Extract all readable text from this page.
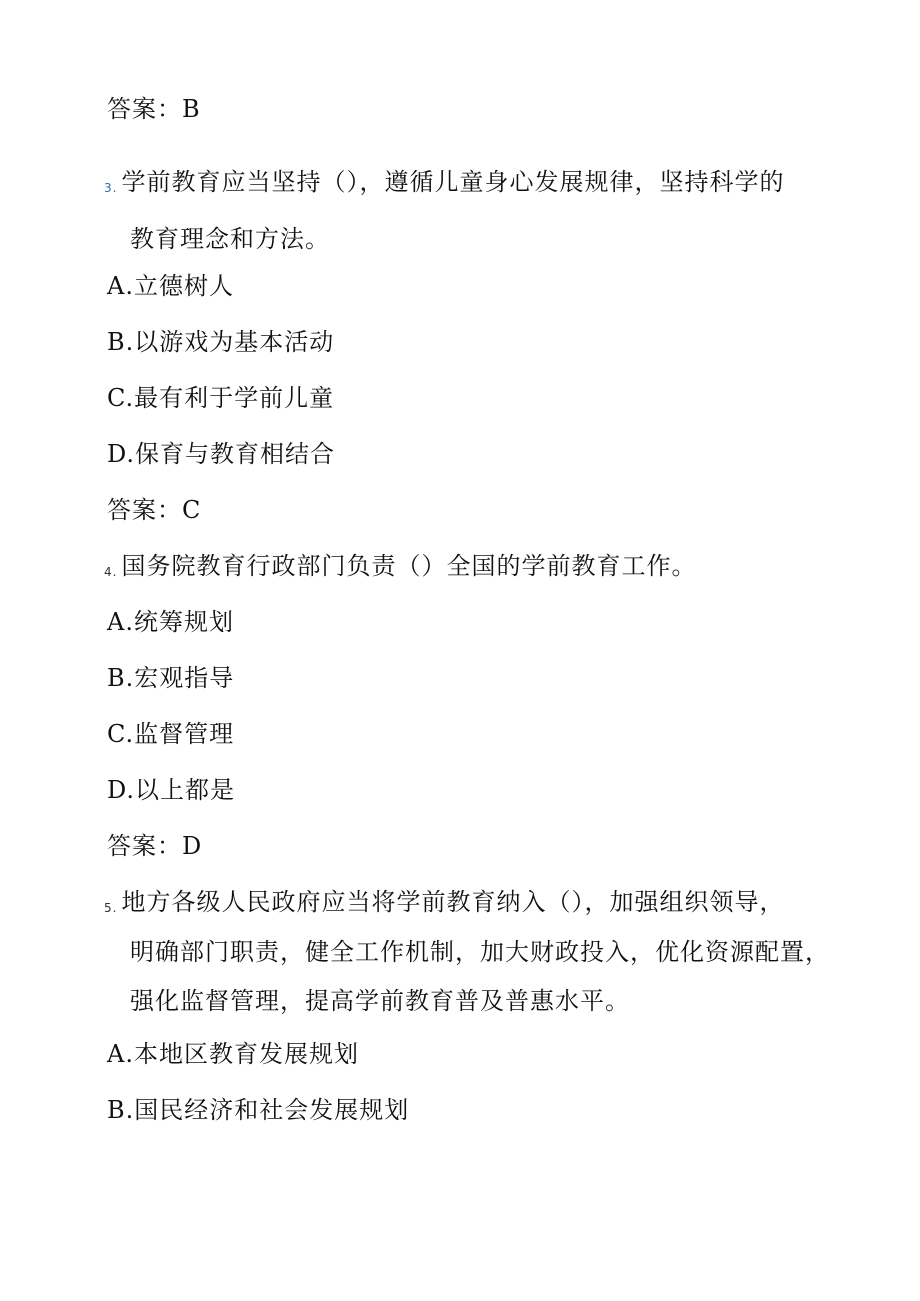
答案：B
3. 学前教育应当坚持（），遵循儿童身心发展规律，坚持科学的
教育理念和方法。
A.立德树人
B.以游戏为基本活动
C.最有利于学前儿童
D.保育与教育相结合
答案：C
4. 国务院教育行政部门负责（）全国的学前教育工作。
A.统筹规划
B.宏观指导
C.监督管理
D.以上都是
答案：D
5. 地方各级人民政府应当将学前教育纳入（），加强组织领导，
明确部门职责，健全工作机制，加大财政投入，优化资源配置，
强化监督管理，提高学前教育普及普惠水平。
A.本地区教育发展规划
B.国民经济和社会发展规划
